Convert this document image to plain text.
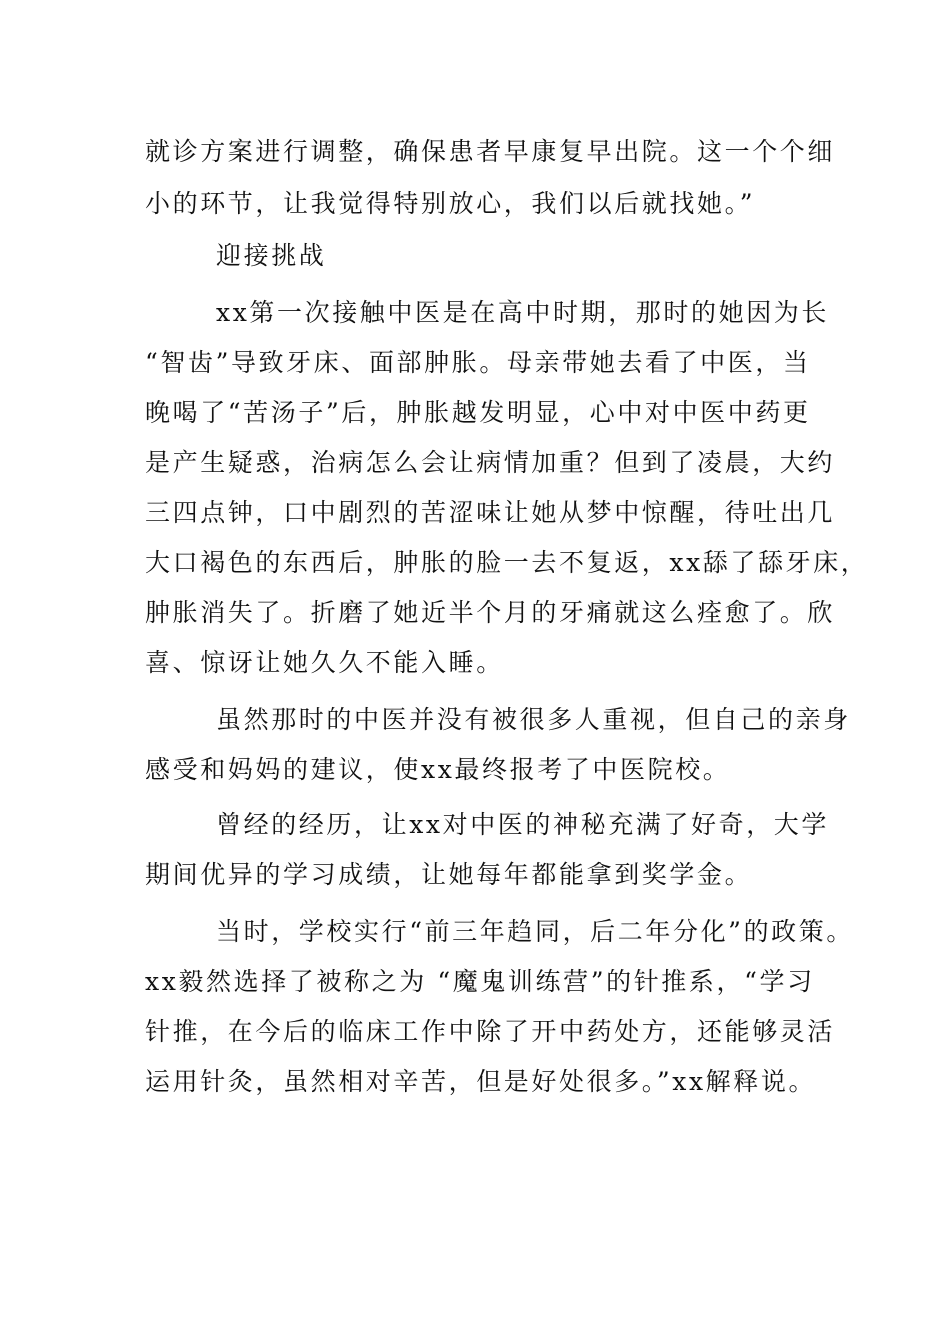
就诊方案进行调整，确保患者早康复早出院。这一个个细
小的环节，让我觉得特别放心，我们以后就找她。”
迎接挑战
xx第一次接触中医是在高中时期，那时的她因为长
“智齿”导致牙床、面部肿胀。母亲带她去看了中医，当
晚喝了“苦汤子”后，肿胀越发明显，心中对中医中药更
是产生疑惑，治病怎么会让病情加重？但到了凌晨，大约
三四点钟，口中剧烈的苦涩味让她从梦中惊醒，待吐出几
大口褐色的东西后，肿胀的脸一去不复返，xx舔了舔牙床，
肿胀消失了。折磨了她近半个月的牙痛就这么痊愈了。欣
喜、惊讶让她久久不能入睡。
虽然那时的中医并没有被很多人重视，但自己的亲身
感受和妈妈的建议，使xx最终报考了中医院校。
曾经的经历，让xx对中医的神秘充满了好奇，大学
期间优异的学习成绩，让她每年都能拿到奖学金。
当时，学校实行“前三年趋同，后二年分化”的政策。
xx毅然选择了被称之为 “魔鬼训练营”的针推系，“学习
针推，在今后的临床工作中除了开中药处方，还能够灵活
运用针灸，虽然相对辛苦，但是好处很多。”xx解释说。
